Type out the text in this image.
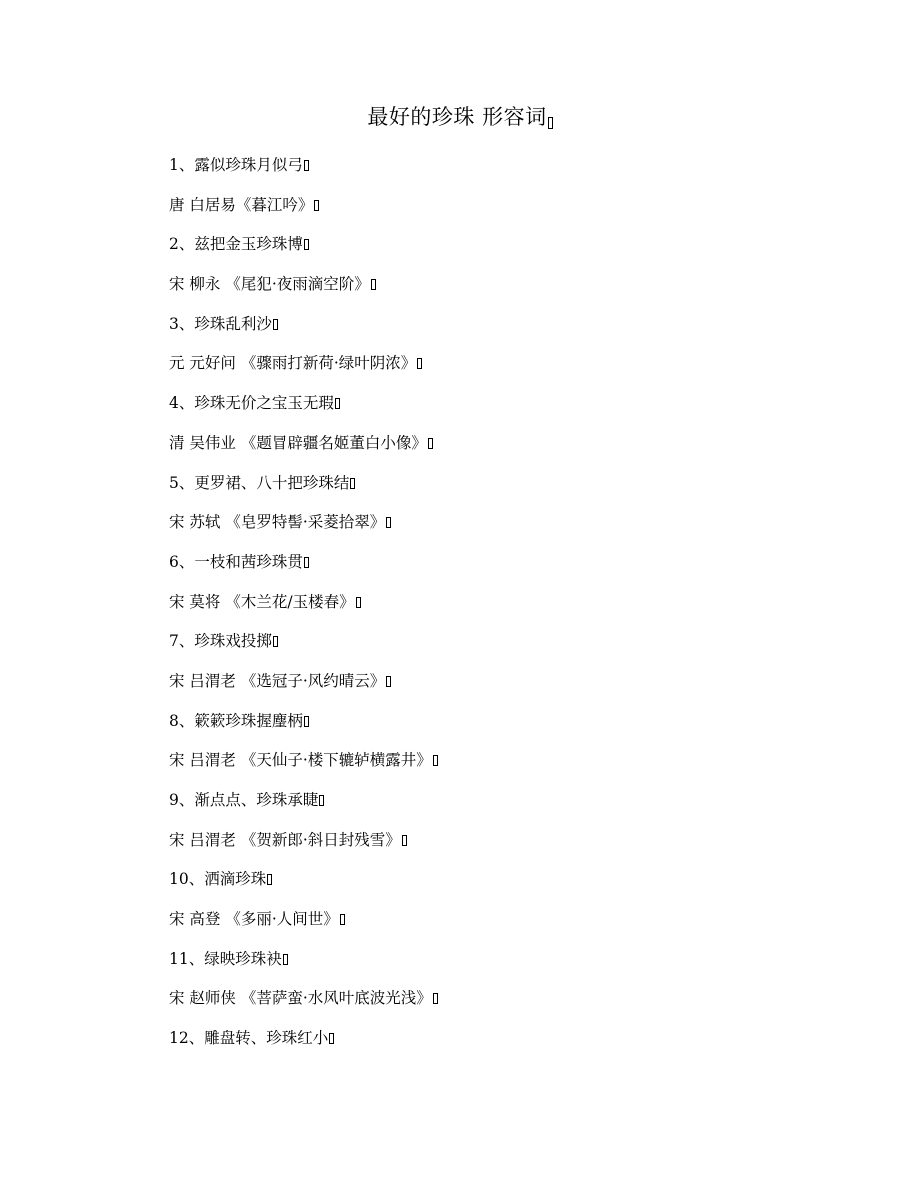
最好的珍珠 形容词
1、露似珍珠月似弓
唐 白居易《暮江吟》
2、兹把金玉珍珠博
宋 柳永 《尾犯·夜雨滴空阶》
3、珍珠乱利沙
元 元好问 《骤雨打新荷·绿叶阴浓》
4、珍珠无价之宝玉无瑕
清 吴伟业 《题冒辟疆名姬董白小像》
5、更罗裙、八十把珍珠结
宋 苏轼 《皂罗特髻·采菱拾翠》
6、一枝和茜珍珠贯
宋 莫将 《木兰花/玉楼春》
7、珍珠戏投掷
宋 吕渭老 《选冠子·风约晴云》
8、簌簌珍珠握麈柄
宋 吕渭老 《天仙子·楼下辘轳横露井》
9、渐点点、珍珠承睫
宋 吕渭老 《贺新郎·斜日封残雪》
10、洒滴珍珠
宋 高登 《多丽·人间世》
11、绿映珍珠袂
宋 赵师侠 《菩萨蛮·水风叶底波光浅》
12、雕盘转、珍珠红小
